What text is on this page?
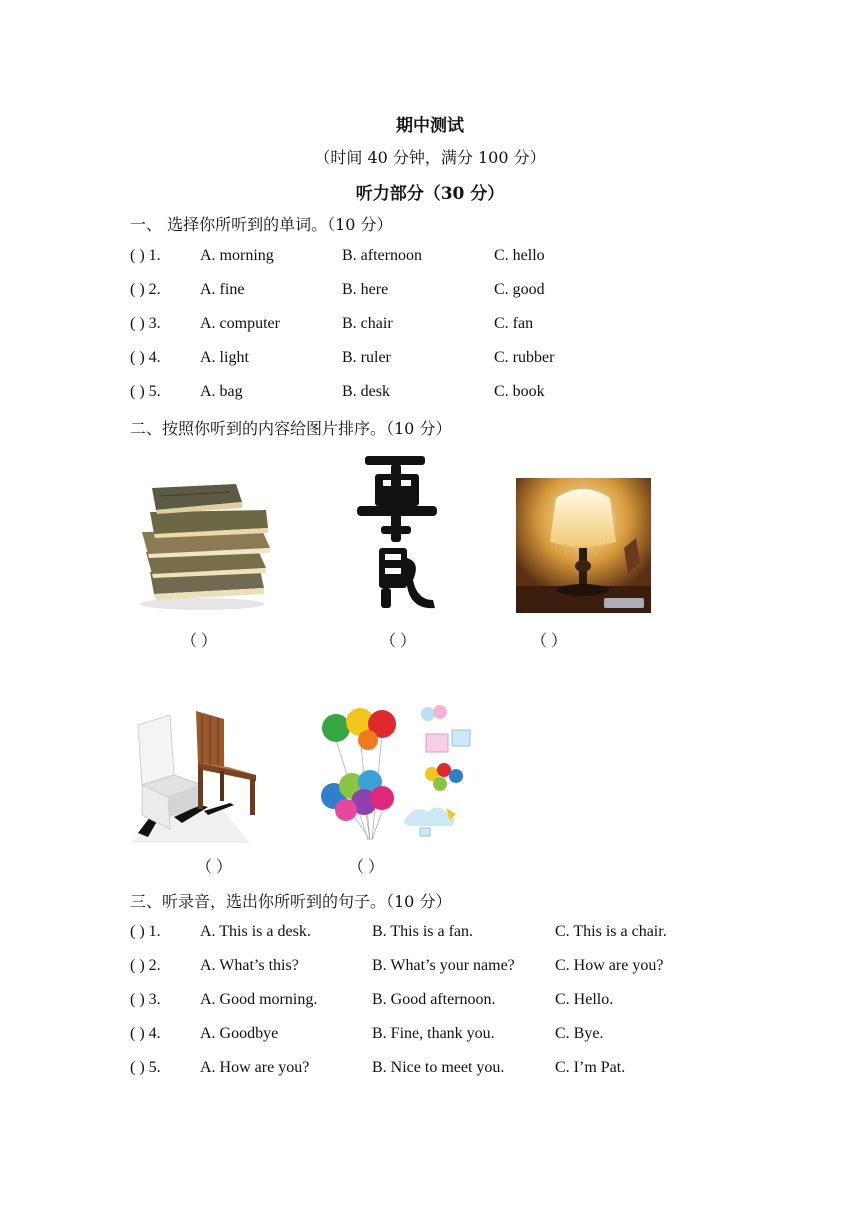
期中测试
（时间 40 分钟，满分 100 分）
听力部分（30 分）
一、 选择你所听到的单词。（10 分）
( ) 1. A. morning	B. afternoon	C. hello
( ) 2. A. fine	B. here	C. good
( ) 3. A. computer	B. chair	C. fan
( ) 4. A. light	B. ruler	C. rubber
( ) 5. A. bag	B. desk	C. book
二、按照你听到的内容给图片排序。（10 分）
（ ）	（ ）	（ ）
（ ）	（ ）
三、听录音，选出你所听到的句子。（10 分）
( ) 1. A. This is a desk.	B. This is a fan.	C. This is a chair.
( ) 2. A. What’s this?	B. What’s your name?	C. How are you?
( ) 3. A. Good morning.	B. Good afternoon.	C. Hello.
( ) 4. A. Goodbye	B. Fine, thank you.	C. Bye.
( ) 5. A. How are you?	B. Nice to meet you.	C. I’m Pat.
